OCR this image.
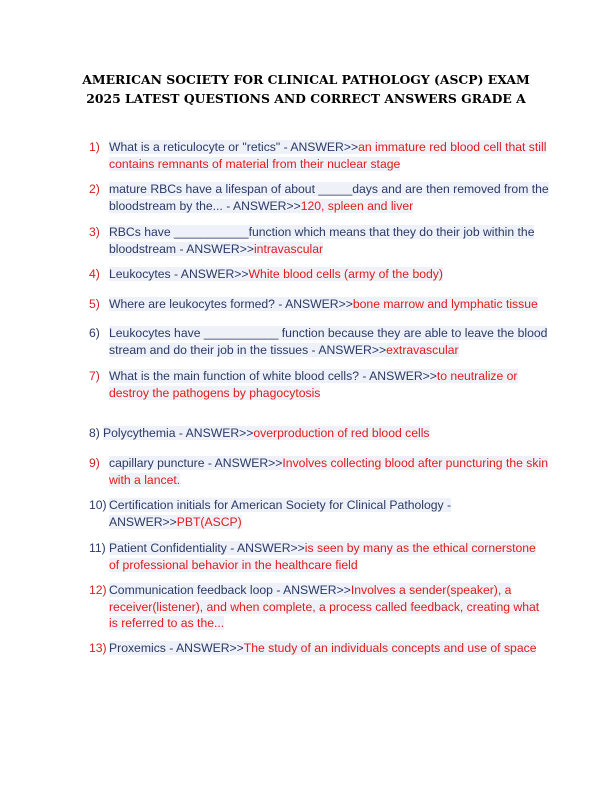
AMERICAN SOCIETY FOR CLINICAL PATHOLOGY (ASCP) EXAM
2025 LATEST QUESTIONS AND CORRECT ANSWERS GRADE A
1) What is a reticulocyte or "retics" - ANSWER>>an immature red blood cell that still contains remnants of material from their nuclear stage
2) mature RBCs have a lifespan of about _____days and are then removed from the bloodstream by the... - ANSWER>>120, spleen and liver
3) RBCs have ___________function which means that they do their job within the bloodstream - ANSWER>>intravascular
4) Leukocytes - ANSWER>>White blood cells (army of the body)
5) Where are leukocytes formed? - ANSWER>>bone marrow and lymphatic tissue
6) Leukocytes have ___________ function because they are able to leave the blood stream and do their job in the tissues - ANSWER>>extravascular
7) What is the main function of white blood cells? - ANSWER>>to neutralize or destroy the pathogens by phagocytosis
8) Polycythemia - ANSWER>>overproduction of red blood cells
9) capillary puncture - ANSWER>>Involves collecting blood after puncturing the skin with a lancet.
10) Certification initials for American Society for Clinical Pathology - ANSWER>>PBT(ASCP)
11) Patient Confidentiality - ANSWER>>is seen by many as the ethical cornerstone of professional behavior in the healthcare field
12) Communication feedback loop - ANSWER>>Involves a sender(speaker), a receiver(listener), and when complete, a process called feedback, creating what is referred to as the...
13) Proxemics - ANSWER>>The study of an individuals concepts and use of space
